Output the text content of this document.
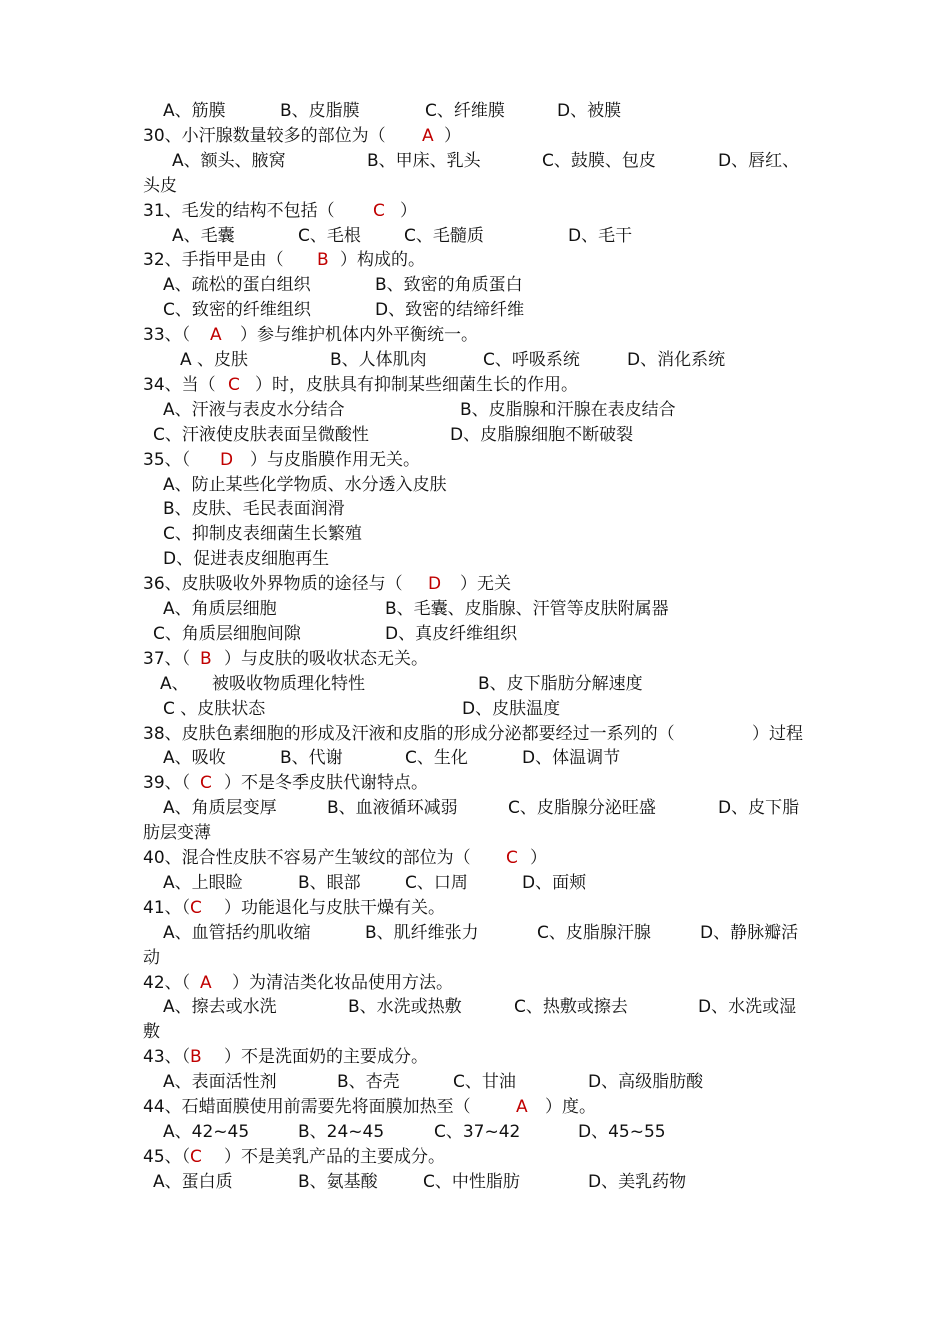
A、筋膜	B、皮脂膜	C、纤维膜	D、被膜
30、小汗腺数量较多的部位为（ A ）
A、额头、腋窝	B、甲床、乳头	C、鼓膜、包皮	D、唇红、
头皮
31、毛发的结构不包括（ C ）
A、毛囊	C、毛根	C、毛髓质	D、毛干
32、手指甲是由（ B ）构成的。
A、疏松的蛋白组织	B、致密的角质蛋白
C、致密的纤维组织	D、致密的结缔纤维
33、（ A ）参与维护机体内外平衡统一。
A 、皮肤	B、人体肌肉	C、呼吸系统	D、消化系统
34、当（ C ）时，皮肤具有抑制某些细菌生长的作用。
A、汗液与表皮水分结合	B、皮脂腺和汗腺在表皮结合
C、汗液使皮肤表面呈微酸性	D、皮脂腺细胞不断破裂
35、（ D ）与皮脂膜作用无关。
A、防止某些化学物质、水分透入皮肤
B、皮肤、毛民表面润滑
C、抑制皮表细菌生长繁殖
D、促进表皮细胞再生
36、皮肤吸收外界物质的途径与（ D ）无关
A、角质层细胞	B、毛囊、皮脂腺、汗管等皮肤附属器
C、角质层细胞间隙	D、真皮纤维组织
37、（ B ）与皮肤的吸收状态无关。
A、 被吸收物质理化特性	B、皮下脂肪分解速度
C 、皮肤状态	D、皮肤温度
38、皮肤色素细胞的形成及汗液和皮脂的形成分泌都要经过一系列的（	）过程
A、吸收	B、代谢	C、生化	D、体温调节
39、（ C ）不是冬季皮肤代谢特点。
A、角质层变厚	B、血液循环减弱	C、皮脂腺分泌旺盛	D、皮下脂
肪层变薄
40、混合性皮肤不容易产生皱纹的部位为（ C ）
A、上眼睑	B、眼部	C、口周	D、面颊
41、（ C ）功能退化与皮肤干燥有关。
A、血管括约肌收缩	B、肌纤维张力	C、皮脂腺汗腺	D、静脉瓣活
动
42、（ A ）为清洁类化妆品使用方法。
A、擦去或水洗	B、水洗或热敷	C、热敷或擦去	D、水洗或湿
敷
43、（ B ）不是洗面奶的主要成分。
A、表面活性剂	B、杏壳	C、甘油	D、高级脂肪酸
44、石蜡面膜使用前需要先将面膜加热至（	A ）度。
A、42~45	B、24~45	C、37~42	D、45~55
45、（ C ）不是美乳产品的主要成分。
A、蛋白质	B、氨基酸	C、中性脂肪	D、美乳药物
